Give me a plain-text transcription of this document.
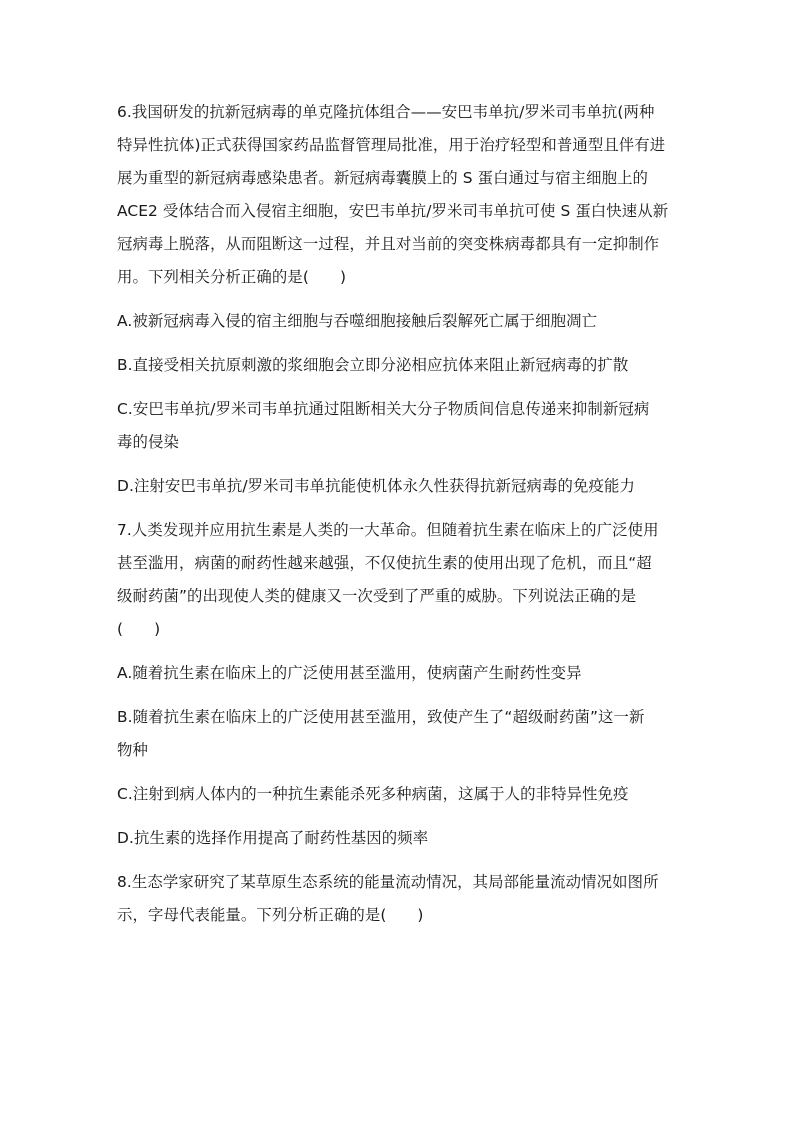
6.我国研发的抗新冠病毒的单克隆抗体组合——安巴韦单抗/罗米司韦单抗(两种
特异性抗体)正式获得国家药品监督管理局批准，用于治疗轻型和普通型且伴有进
展为重型的新冠病毒感染患者。新冠病毒囊膜上的 S 蛋白通过与宿主细胞上的
ACE2 受体结合而入侵宿主细胞，安巴韦单抗/罗米司韦单抗可使 S 蛋白快速从新
冠病毒上脱落，从而阻断这一过程，并且对当前的突变株病毒都具有一定抑制作
用。下列相关分析正确的是(　　)

A.被新冠病毒入侵的宿主细胞与吞噬细胞接触后裂解死亡属于细胞凋亡

B.直接受相关抗原刺激的浆细胞会立即分泌相应抗体来阻止新冠病毒的扩散

C.安巴韦单抗/罗米司韦单抗通过阻断相关大分子物质间信息传递来抑制新冠病
毒的侵染

D.注射安巴韦单抗/罗米司韦单抗能使机体永久性获得抗新冠病毒的免疫能力

7.人类发现并应用抗生素是人类的一大革命。但随着抗生素在临床上的广泛使用
甚至滥用，病菌的耐药性越来越强，不仅使抗生素的使用出现了危机，而且“超
级耐药菌”的出现使人类的健康又一次受到了严重的威胁。下列说法正确的是
(　　)

A.随着抗生素在临床上的广泛使用甚至滥用，使病菌产生耐药性变异

B.随着抗生素在临床上的广泛使用甚至滥用，致使产生了“超级耐药菌”这一新
物种

C.注射到病人体内的一种抗生素能杀死多种病菌，这属于人的非特异性免疫

D.抗生素的选择作用提高了耐药性基因的频率

8.生态学家研究了某草原生态系统的能量流动情况，其局部能量流动情况如图所
示，字母代表能量。下列分析正确的是(　　)
